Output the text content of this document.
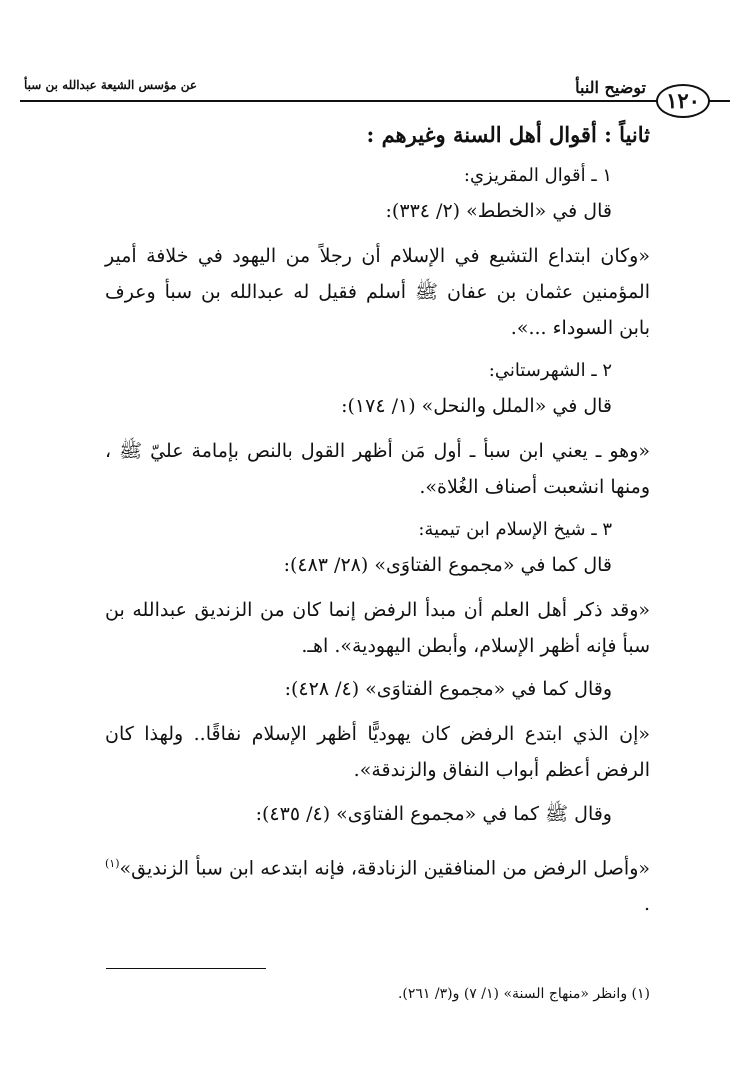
١٢٠
توضيح النبأ
عن مؤسس الشيعة عبدالله بن سبأ
ثانياً : أقوال أهل السنة وغيرهم :
١ ـ أقوال المقريزي:
قال في «الخطط» (٢/ ٣٣٤):
«وكان ابتداع التشيع في الإسلام أن رجلاً من اليهود في خلافة أمير المؤمنين عثمان بن عفان ﷺ أسلم فقيل له عبدالله بن سبأ وعرف بابن السوداء ...».
٢ ـ الشهرستاني:
قال في «الملل والنحل» (١/ ١٧٤):
«وهو ـ يعني ابن سبأ ـ أول مَن أظهر القول بالنص بإمامة عليّ ﷺ ، ومنها انشعبت أصناف الغُلاة».
٣ ـ شيخ الإسلام ابن تيمية:
قال كما في «مجموع الفتاوَى» (٢٨/ ٤٨٣):
«وقد ذكر أهل العلم أن مبدأ الرفض إنما كان من الزنديق عبدالله بن سبأ فإنه أظهر الإسلام، وأبطن اليهودية». اهـ.
وقال كما في «مجموع الفتاوَى» (٤/ ٤٢٨):
«إن الذي ابتدع الرفض كان يهوديًّا أظهر الإسلام نفاقًا.. ولهذا كان الرفض أعظم أبواب النفاق والزندقة».
وقال ﷺ كما في «مجموع الفتاوَى» (٤/ ٤٣٥):
«وأصل الرفض من المنافقين الزنادقة، فإنه ابتدعه ابن سبأ الزنديق»$^{(١)}$ .
(١) وانظر «منهاج السنة» (١/ ٧) و(٣/ ٢٦١).
